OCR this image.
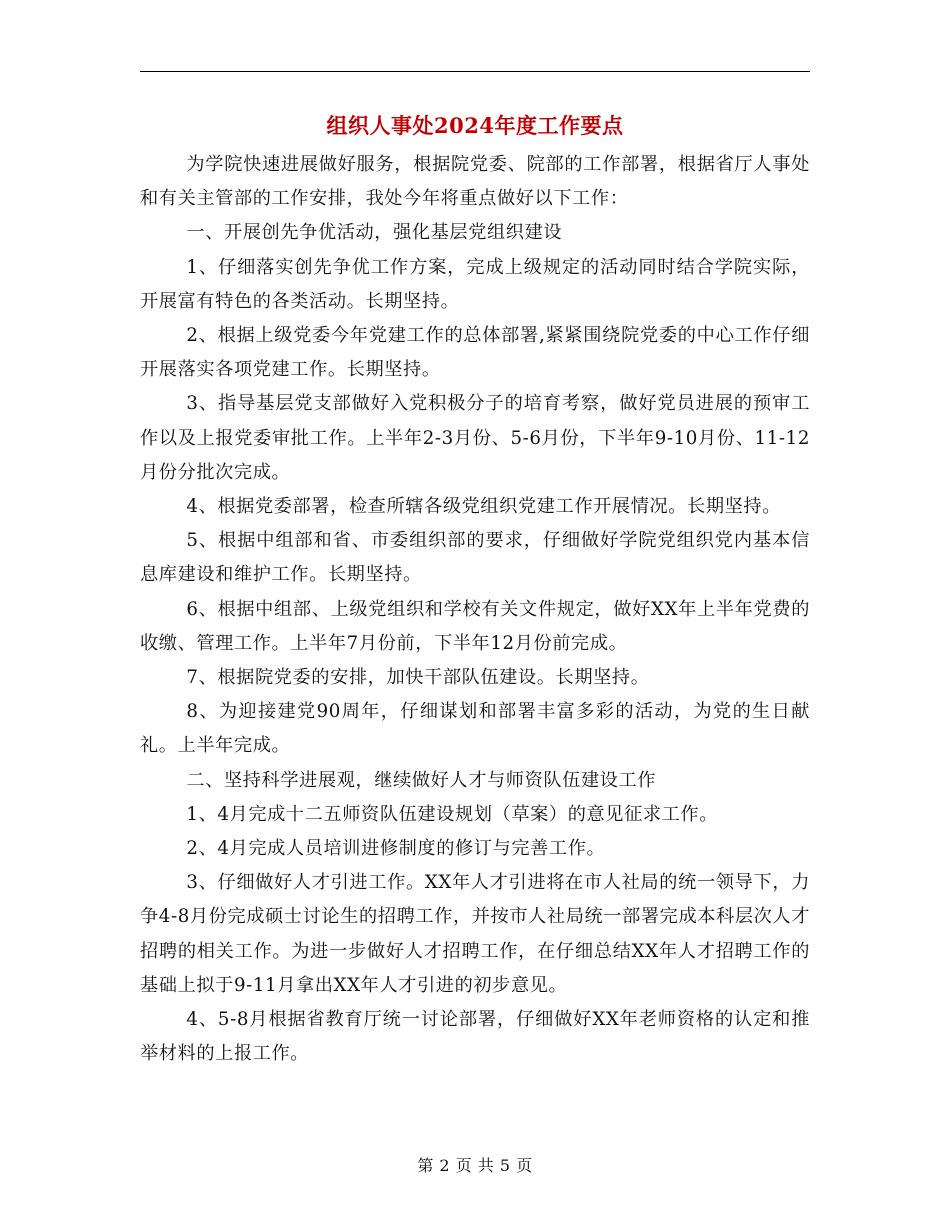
组织人事处2024年度工作要点

为学院快速进展做好服务，根据院党委、院部的工作部署，根据省厅人事处和有关主管部的工作安排，我处今年将重点做好以下工作：

一、开展创先争优活动，强化基层党组织建设

1、仔细落实创先争优工作方案，完成上级规定的活动同时结合学院实际，开展富有特色的各类活动。长期坚持。

2、根据上级党委今年党建工作的总体部署,紧紧围绕院党委的中心工作仔细开展落实各项党建工作。长期坚持。

3、指导基层党支部做好入党积极分子的培育考察，做好党员进展的预审工作以及上报党委审批工作。上半年2-3月份、5-6月份，下半年9-10月份、11-12月份分批次完成。

4、根据党委部署，检查所辖各级党组织党建工作开展情况。长期坚持。

5、根据中组部和省、市委组织部的要求，仔细做好学院党组织党内基本信息库建设和维护工作。长期坚持。

6、根据中组部、上级党组织和学校有关文件规定，做好XX年上半年党费的收缴、管理工作。上半年7月份前，下半年12月份前完成。

7、根据院党委的安排，加快干部队伍建设。长期坚持。

8、为迎接建党90周年，仔细谋划和部署丰富多彩的活动，为党的生日献礼。上半年完成。

二、坚持科学进展观，继续做好人才与师资队伍建设工作

1、4月完成十二五师资队伍建设规划（草案）的意见征求工作。

2、4月完成人员培训进修制度的修订与完善工作。

3、仔细做好人才引进工作。XX年人才引进将在市人社局的统一领导下，力争4-8月份完成硕士讨论生的招聘工作，并按市人社局统一部署完成本科层次人才招聘的相关工作。为进一步做好人才招聘工作，在仔细总结XX年人才招聘工作的基础上拟于9-11月拿出XX年人才引进的初步意见。

4、5-8月根据省教育厅统一讨论部署，仔细做好XX年老师资格的认定和推举材料的上报工作。

第 2 页 共 5 页
